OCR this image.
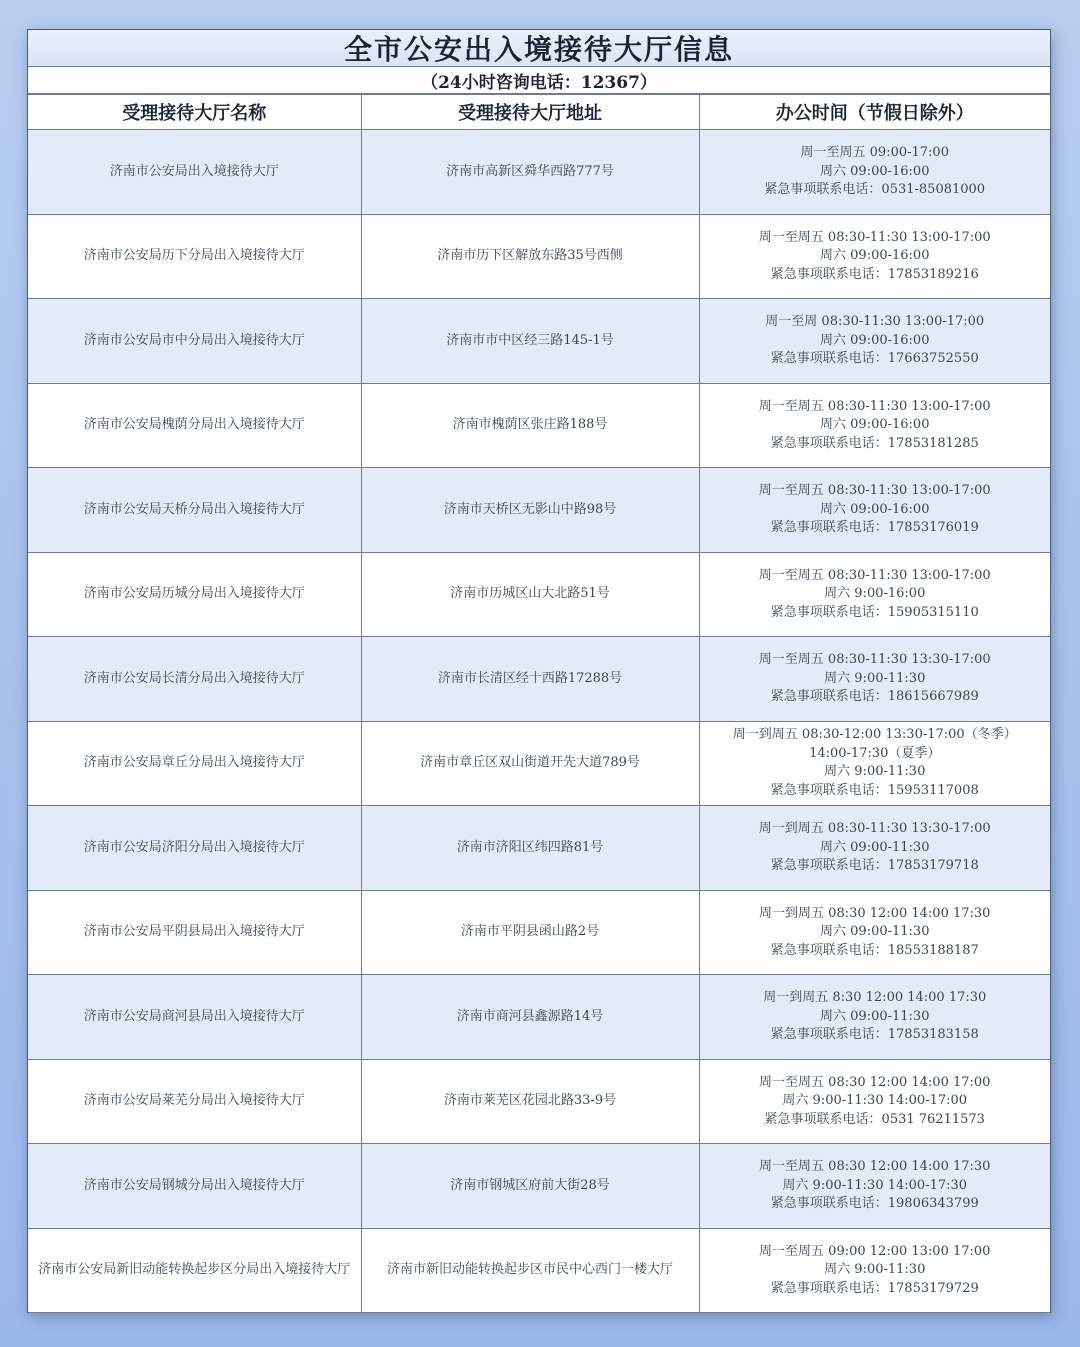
全市公安出入境接待大厅信息
（24小时咨询电话：12367）
受理接待大厅名称	受理接待大厅地址	办公时间（节假日除外）
济南市公安局出入境接待大厅	济南市高新区舜华西路777号	周一至周五 09:00-17:00
周六 09:00-16:00
紧急事项联系电话：0531-85081000

济南市公安局历下分局出入境接待大厅	济南市历下区解放东路35号西侧	周一至周五 08:30-11:30 13:00-17:00
周六 09:00-16:00
紧急事项联系电话：17853189216

济南市公安局市中分局出入境接待大厅	济南市市中区经三路145-1号	周一至周 08:30-11:30 13:00-17:00
周六 09:00-16:00
紧急事项联系电话：17663752550

济南市公安局槐荫分局出入境接待大厅	济南市槐荫区张庄路188号	周一至周五 08:30-11:30 13:00-17:00
周六 09:00-16:00
紧急事项联系电话：17853181285

济南市公安局天桥分局出入境接待大厅	济南市天桥区无影山中路98号	周一至周五 08:30-11:30 13:00-17:00
周六 09:00-16:00
紧急事项联系电话：17853176019

济南市公安局历城分局出入境接待大厅	济南市历城区山大北路51号	周一至周五 08:30-11:30 13:00-17:00
周六 9:00-16:00
紧急事项联系电话：15905315110

济南市公安局长清分局出入境接待大厅	济南市长清区经十西路17288号	周一至周五 08:30-11:30 13:30-17:00
周六 9:00-11:30
紧急事项联系电话：18615667989

济南市公安局章丘分局出入境接待大厅	济南市章丘区双山街道开先大道789号	周一到周五 08:30-12:00 13:30-17:00（冬季）
14:00-17:30（夏季）
周六 9:00-11:30
紧急事项联系电话：15953117008

济南市公安局济阳分局出入境接待大厅	济南市济阳区纬四路81号	周一到周五 08:30-11:30 13:30-17:00
周六 09:00-11:30
紧急事项联系电话：17853179718

济南市公安局平阴县局出入境接待大厅	济南市平阴县函山路2号	周一到周五 08:30 12:00 14:00 17:30
周六 09:00-11:30
紧急事项联系电话：18553188187

济南市公安局商河县局出入境接待大厅	济南市商河县鑫源路14号	周一到周五 8:30 12:00 14:00 17:30
周六 09:00-11:30
紧急事项联系电话：17853183158

济南市公安局莱芜分局出入境接待大厅	济南市莱芜区花园北路33-9号	周一至周五 08:30 12:00 14:00 17:00
周六 9:00-11:30 14:00-17:00
紧急事项联系电话：0531 76211573

济南市公安局钢城分局出入境接待大厅	济南市钢城区府前大街28号	周一至周五 08:30 12:00 14:00 17:30
周六 9:00-11:30 14:00-17:30
紧急事项联系电话：19806343799

济南市公安局新旧动能转换起步区分局出入境接待大厅	济南市新旧动能转换起步区市民中心西门一楼大厅	周一至周五 09:00 12:00 13:00 17:00
周六 9:00-11:30
紧急事项联系电话：17853179729
